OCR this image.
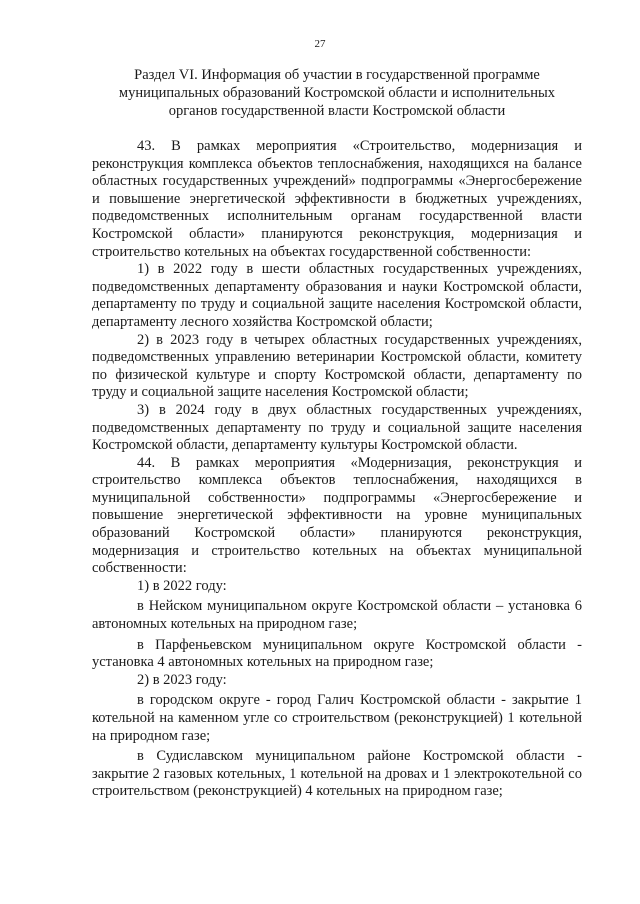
27
Раздел VI. Информация об участии в государственной программе
муниципальных образований Костромской области и исполнительных
органов государственной власти Костромской области

43. В рамках мероприятия «Строительство, модернизация и реконструкция комплекса объектов теплоснабжения, находящихся на балансе областных государственных учреждений» подпрограммы «Энергосбережение и повышение энергетической эффективности в бюджетных учреждениях, подведомственных исполнительным органам государственной власти Костромской области» планируются реконструкция, модернизация и строительство котельных на объектах государственной собственности:

1) в 2022 году в шести областных государственных учреждениях, подведомственных департаменту образования и науки Костромской области, департаменту по труду и социальной защите населения Костромской области, департаменту лесного хозяйства Костромской области;

2) в 2023 году в четырех областных государственных учреждениях, подведомственных управлению ветеринарии Костромской области, комитету по физической культуре и спорту Костромской области, департаменту по труду и социальной защите населения Костромской области;

3) в 2024 году в двух областных государственных учреждениях, подведомственных департаменту по труду и социальной защите населения Костромской области, департаменту культуры Костромской области.

44. В рамках мероприятия «Модернизация, реконструкция и строительство комплекса объектов теплоснабжения, находящихся в муниципальной собственности» подпрограммы «Энергосбережение и повышение энергетической эффективности на уровне муниципальных образований Костромской области» планируются реконструкция, модернизация и строительство котельных на объектах муниципальной собственности:

1) в 2022 году:

в Нейском муниципальном округе Костромской области – установка 6 автономных котельных на природном газе;

в Парфеньевском муниципальном округе Костромской области - установка 4 автономных котельных на природном газе;

2) в 2023 году:

в городском округе - город Галич Костромской области - закрытие 1 котельной на каменном угле со строительством (реконструкцией) 1 котельной на природном газе;

в Судиславском муниципальном районе Костромской области - закрытие 2 газовых котельных, 1 котельной на дровах и 1 электрокотельной со строительством (реконструкцией) 4 котельных на природном газе;
